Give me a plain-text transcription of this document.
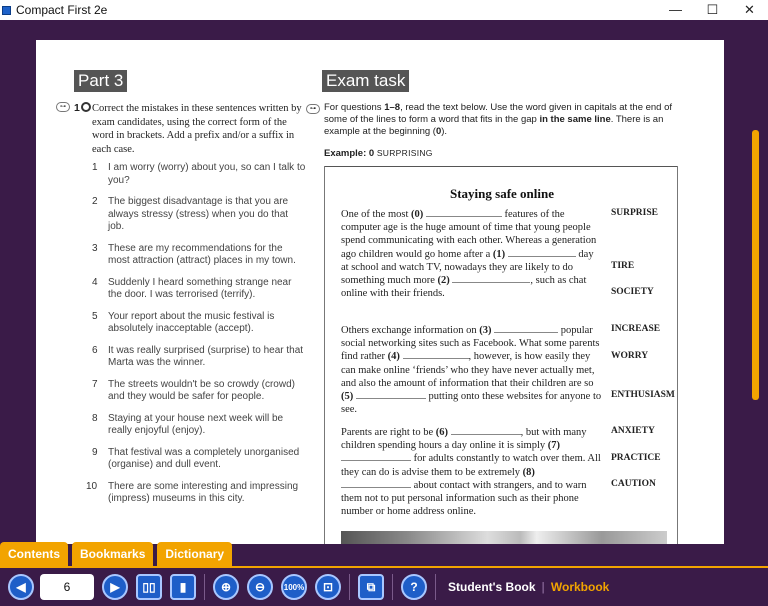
Compact First 2e	—	☐	✕
Part 3	Exam task
⊶ 1 Correct the mistakes in these sentences written by exam candidates, using the correct form of the word in brackets. Add a prefix and/or a suffix in each case.
1 I am worry (worry) about you, so can I talk to you?
2 The biggest disadvantage is that you are always stressy (stress) when you do that job.
3 These are my recommendations for the most attraction (attract) places in my town.
4 Suddenly I heard something strange near the door. I was terrorised (terrify).
5 Your report about the music festival is absolutely inacceptable (accept).
6 It was really surprised (surprise) to hear that Marta was the winner.
7 The streets wouldn't be so crowdy (crowd) and they would be safer for people.
8 Staying at your house next week will be really enjoyful (enjoy).
9 That festival was a completely unorganised (organise) and dull event.
10 There are some interesting and impressing (impress) museums in this city.
⊶ For questions 1–8, read the text below. Use the word given in capitals at the end of some of the lines to form a word that fits in the gap in the same line. There is an example at the beginning (0).
Example: 0 SURPRISING
Staying safe online
One of the most (0)	features of the computer age is the huge amount of time that young people spend communicating with each other. Whereas a generation ago children would go home after a (1)	day at school and watch TV, nowadays they are likely to do something much more (2)	, such as chat online with their friends.
Others exchange information on (3)	popular social networking sites such as Facebook. What some parents find rather (4)	, however, is how easily they can make online ‘friends’ who they have never actually met, and also the amount of information that their children are so (5)	putting onto these websites for anyone to see.
Parents are right to be (6)	, but with many children spending hours a day online it is simply (7)  for adults constantly to watch over them. All they can do is advise them to be extremely (8)  about contact with strangers, and to warn them not to put personal information such as their phone number or home address online.
SURPRISE
TIRE
SOCIETY
INCREASE
WORRY
ENTHUSIASM
ANXIETY
PRACTICE
CAUTION
Contents	Bookmarks	Dictionary
◀	6	▶ ▯▯ ▮	⊕ ⊖	100% ⊡	⧉	?	Student's Book | Workbook
